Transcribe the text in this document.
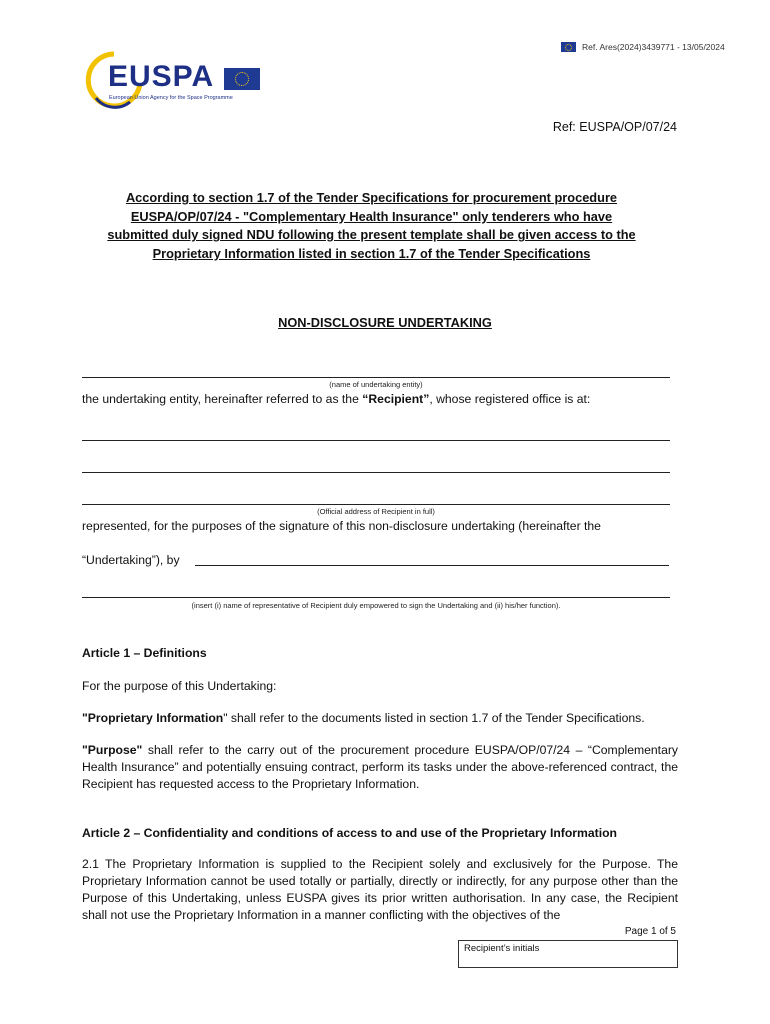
Ref. Ares(2024)3439771 - 13/05/2024
EUSPA
European Union Agency for the Space Programme
Ref: EUSPA/OP/07/24
According to section 1.7 of the Tender Specifications for procurement procedure EUSPA/OP/07/24 - "Complementary Health Insurance" only tenderers who have submitted duly signed NDU following the present template shall be given access to the Proprietary Information listed in section 1.7 of the Tender Specifications
NON-DISCLOSURE UNDERTAKING
(name of undertaking entity)
the undertaking entity, hereinafter referred to as the “Recipient”, whose registered office is at:
(Official address of Recipient in full)
represented, for the purposes of the signature of this non-disclosure undertaking (hereinafter the
“Undertaking”), by
(insert (i) name of representative of Recipient duly empowered to sign the Undertaking and (ii) his/her function).
Article 1 – Definitions
For the purpose of this Undertaking:
"Proprietary Information" shall refer to the documents listed in section 1.7 of the Tender Specifications.
"Purpose" shall refer to the carry out of the procurement procedure EUSPA/OP/07/24 – “Complementary Health Insurance” and potentially ensuing contract, perform its tasks under the above-referenced contract, the Recipient has requested access to the Proprietary Information.
Article 2 – Confidentiality and conditions of access to and use of the Proprietary Information
2.1 The Proprietary Information is supplied to the Recipient solely and exclusively for the Purpose. The Proprietary Information cannot be used totally or partially, directly or indirectly, for any purpose other than the Purpose of this Undertaking, unless EUSPA gives its prior written authorisation. In any case, the Recipient shall not use the Proprietary Information in a manner conflicting with the objectives of the
Page 1 of 5
Recipient’s initials
